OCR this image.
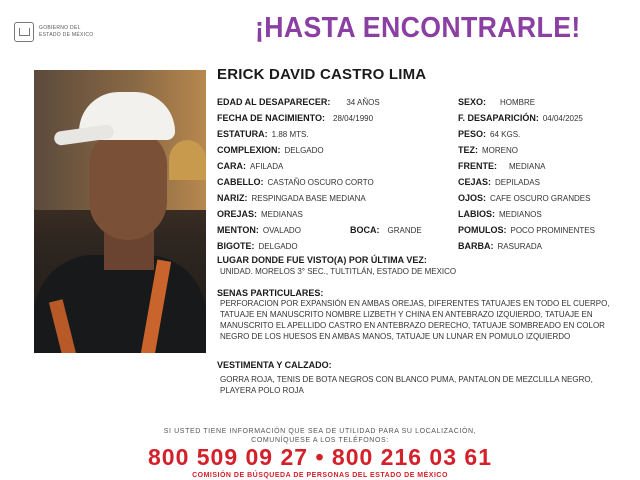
GOBIERNO DEL
ESTADO DE MÉXICO	¡HASTA ENCONTRARLE!
ERICK DAVID CASTRO LIMA
EDAD AL DESAPARECER: 34 AÑOS
FECHA DE NACIMIENTO: 28/04/1990
ESTATURA: 1.88 MTS.
COMPLEXION: DELGADO
CARA: AFILADA
CABELLO: CASTAÑO OSCURO CORTO
NARIZ: RESPINGADA BASE MEDIANA
OREJAS: MEDIANAS
MENTON: OVALADO
BIGOTE: DELGADO
BOCA: GRANDE
SEXO: HOMBRE
F. DESAPARICIÓN: 04/04/2025
PESO: 64 KGS.
TEZ: MORENO
FRENTE: MEDIANA
CEJAS: DEPILADAS
OJOS: CAFE OSCURO GRANDES
LABIOS: MEDIANOS
POMULOS: POCO PROMINENTES
BARBA: RASURADA
LUGAR DONDE FUE VISTO(A) POR ÚLTIMA VEZ:
UNIDAD. MORELOS 3° SEC., TULTITLÁN, ESTADO DE MEXICO
SENAS PARTICULARES:
PERFORACION POR EXPANSIÓN EN AMBAS OREJAS, DIFERENTES TATUAJES EN TODO EL CUERPO, TATUAJE EN MANUSCRITO NOMBRE LIZBETH Y CHINA EN ANTEBRAZO IZQUIERDO, TATUAJE EN MANUSCRITO EL APELLIDO CASTRO EN ANTEBRAZO DERECHO, TATUAJE SOMBREADO EN COLOR NEGRO DE LOS HUESOS EN AMBAS MANOS, TATUAJE UN LUNAR EN POMULO IZQUIERDO
VESTIMENTA Y CALZADO:
GORRA ROJA, TENIS DE BOTA NEGROS CON BLANCO PUMA, PANTALON DE MEZCLILLA NEGRO, PLAYERA POLO ROJA
SI USTED TIENE INFORMACIÓN QUE SEA DE UTILIDAD PARA SU LOCALIZACIÓN,
COMUNÍQUESE A LOS TELÉFONOS:
800 509 09 27 • 800 216 03 61
COMISIÓN DE BÚSQUEDA DE PERSONAS DEL ESTADO DE MÉXICO
